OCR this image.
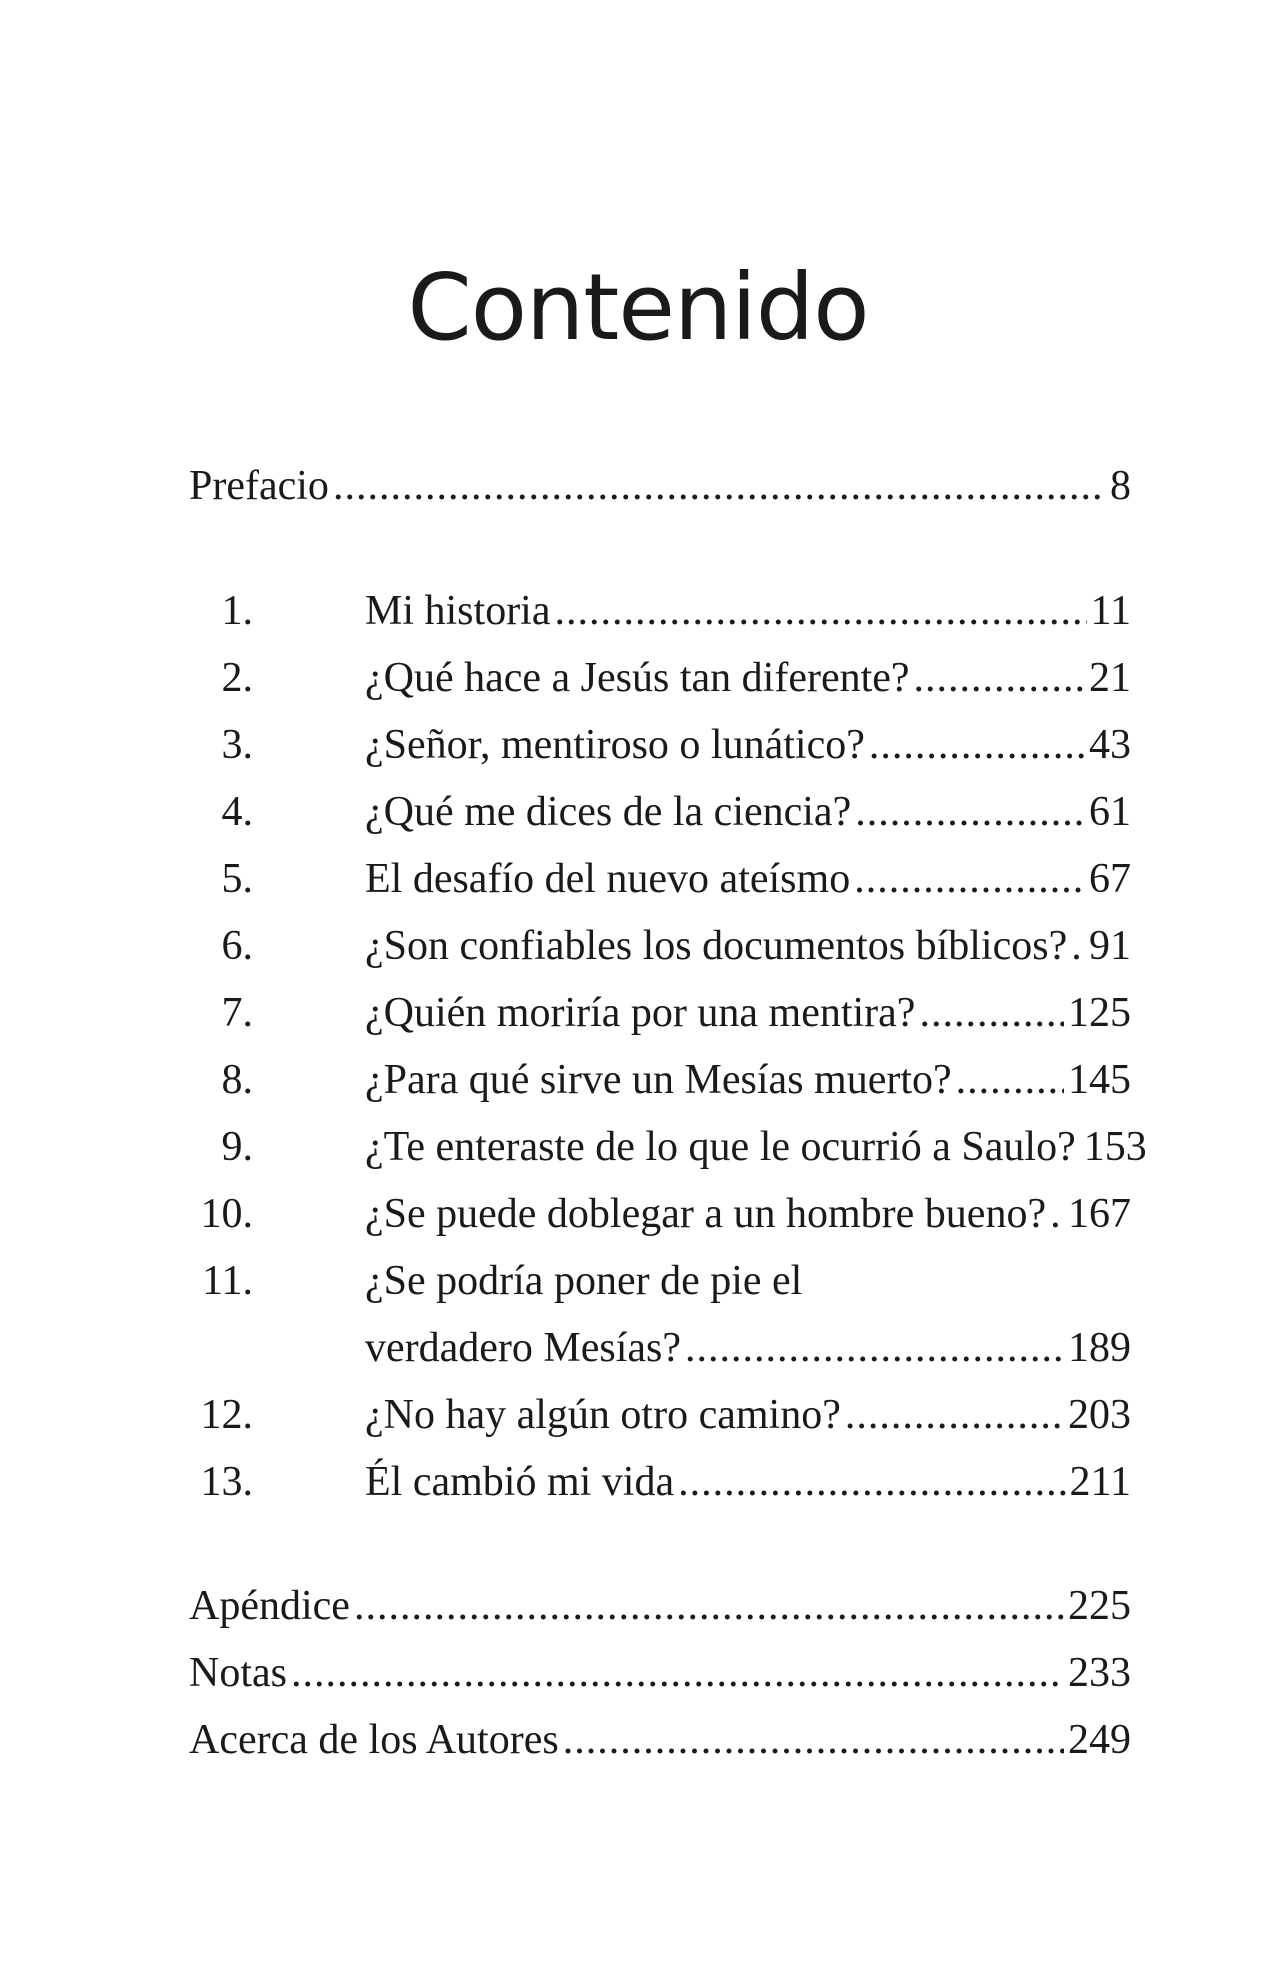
Contenido
Prefacio .....	8
1.	Mi historia .....	11
2.	¿Qué hace a Jesús tan diferente? .....	21
3.	¿Señor, mentiroso o lunático? .....	43
4.	¿Qué me dices de la ciencia? .....	61
5.	El desafío del nuevo ateísmo .....	67
6.	¿Son confiables los documentos bíblicos? ..... 91
7.	¿Quién moriría por una mentira? .....	125
8.	¿Para qué sirve un Mesías muerto? .....	145
9.	¿Te enteraste de lo que le ocurrió a Saulo? 153
10.	¿Se puede doblegar a un hombre bueno? ..... 167
11.	¿Se podría poner de pie el
verdadero Mesías? .....	189
12.	¿No hay algún otro camino? .....	203
13.	Él cambió mi vida .....	211
Apéndice .....	225
Notas .....	233
Acerca de los Autores .....	249
